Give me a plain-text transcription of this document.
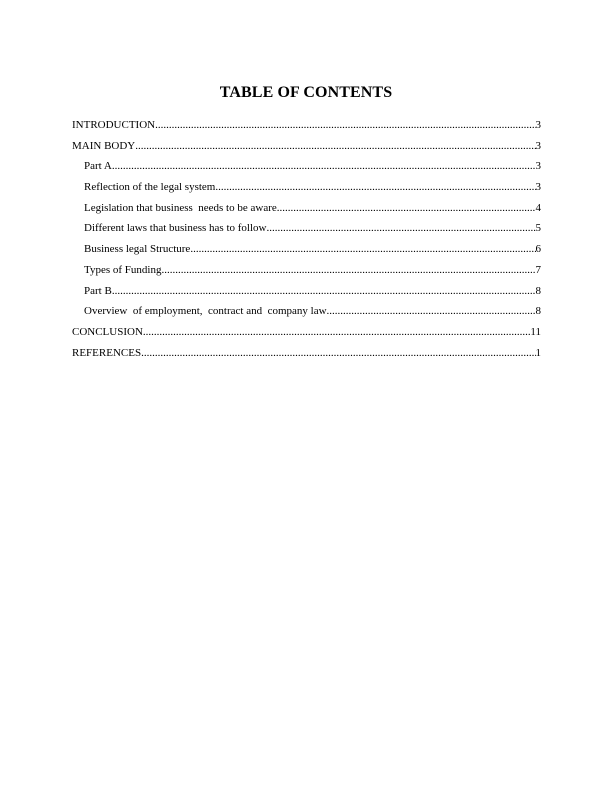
TABLE OF CONTENTS
INTRODUCTION .....	3
MAIN BODY .....	3
Part A .....	3
Reflection of the legal system .....	3
Legislation that business  needs to be aware .....	4
Different laws that business has to follow .....	5
Business legal Structure .....	6
Types of Funding .....	7
Part B .....	8
Overview  of employment,  contract and  company law .....	8
CONCLUSION .....	11
REFERENCES .....	1
